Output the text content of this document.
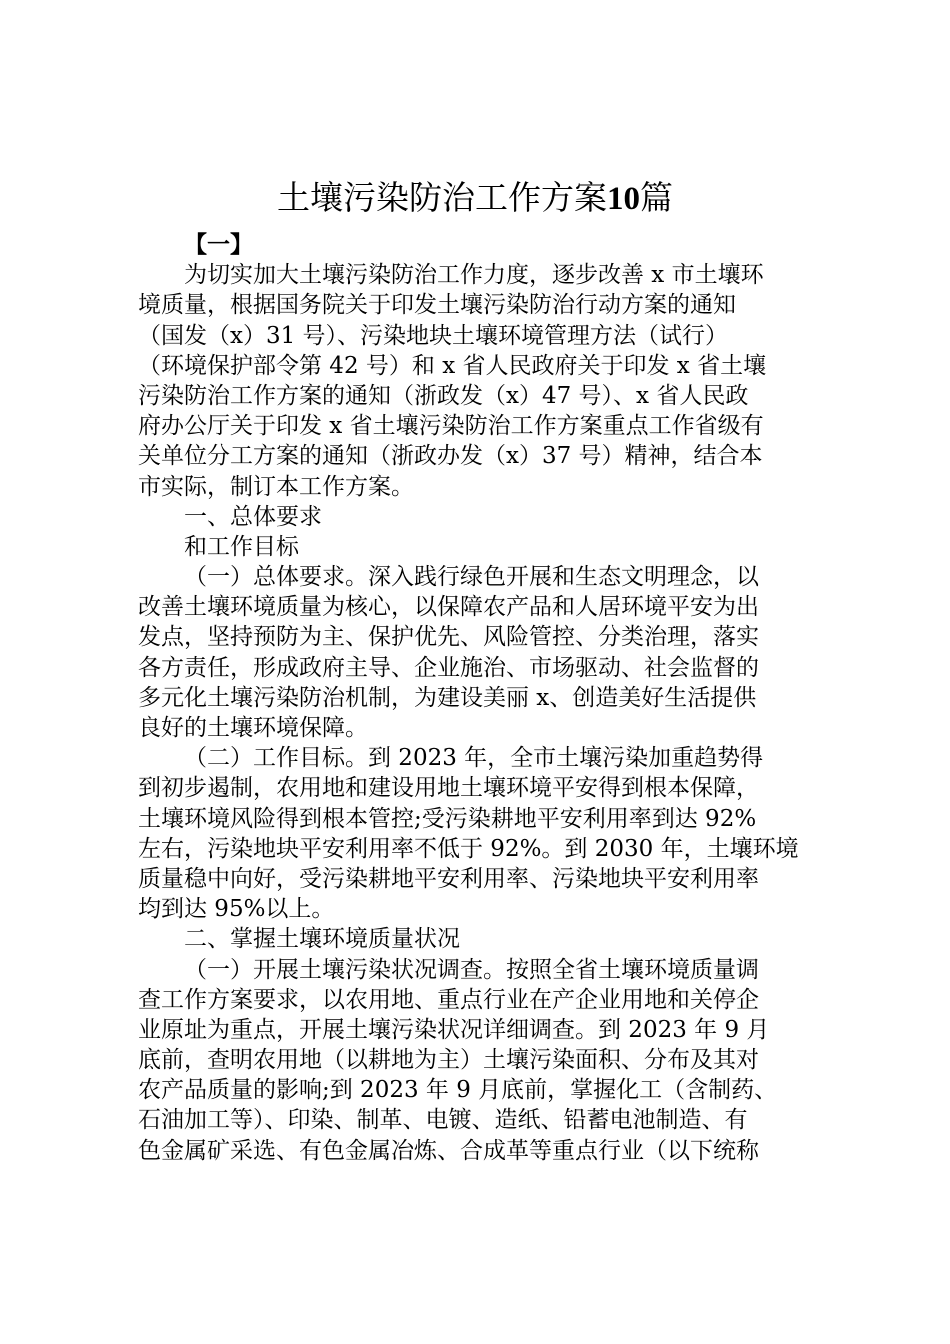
土壤污染防治工作方案10篇
【一】
为切实加大土壤污染防治工作力度，逐步改善 x 市土壤环
境质量，根据国务院关于印发土壤污染防治行动方案的通知
（国发（x）31 号）、污染地块土壤环境管理方法（试行）
（环境保护部令第 42 号）和 x 省人民政府关于印发 x 省土壤
污染防治工作方案的通知（浙政发（x）47 号）、x 省人民政
府办公厅关于印发 x 省土壤污染防治工作方案重点工作省级有
关单位分工方案的通知（浙政办发（x）37 号）精神，结合本
市实际，制订本工作方案。
一、总体要求
和工作目标
（一）总体要求。深入践行绿色开展和生态文明理念，以
改善土壤环境质量为核心，以保障农产品和人居环境平安为出
发点，坚持预防为主、保护优先、风险管控、分类治理，落实
各方责任，形成政府主导、企业施治、市场驱动、社会监督的
多元化土壤污染防治机制，为建设美丽 x、创造美好生活提供
良好的土壤环境保障。
（二）工作目标。到 2023 年，全市土壤污染加重趋势得
到初步遏制，农用地和建设用地土壤环境平安得到根本保障，
土壤环境风险得到根本管控;受污染耕地平安利用率到达 92%
左右，污染地块平安利用率不低于 92%。到 2030 年，土壤环境
质量稳中向好，受污染耕地平安利用率、污染地块平安利用率
均到达 95%以上。
二、掌握土壤环境质量状况
（一）开展土壤污染状况调查。按照全省土壤环境质量调
查工作方案要求，以农用地、重点行业在产企业用地和关停企
业原址为重点，开展土壤污染状况详细调查。到 2023 年 9 月
底前，查明农用地（以耕地为主）土壤污染面积、分布及其对
农产品质量的影响;到 2023 年 9 月底前，掌握化工（含制药、
石油加工等）、印染、制革、电镀、造纸、铅蓄电池制造、有
色金属矿采选、有色金属冶炼、合成革等重点行业（以下统称
